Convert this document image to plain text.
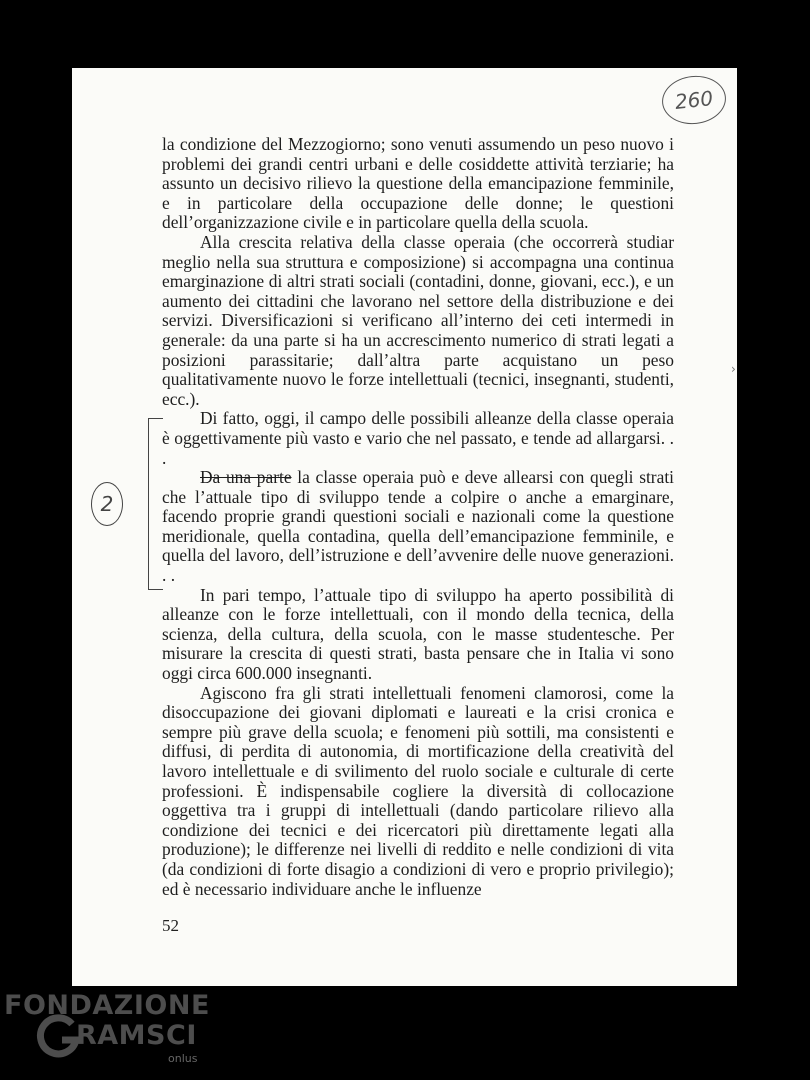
260
2
›

la condizione del Mezzogiorno; sono venuti assumendo un peso nuovo i problemi dei grandi centri urbani e delle cosiddette attività terziarie; ha assunto un decisivo rilievo la questione della emancipazione femminile, e in particolare della occupazione delle donne; le questioni dell’organizzazione civile e in particolare quella della scuola.

Alla crescita relativa della classe operaia (che occorrerà studiar meglio nella sua struttura e composizione) si accompagna una continua emarginazione di altri strati sociali (contadini, donne, giovani, ecc.), e un aumento dei cittadini che lavorano nel settore della distribuzione e dei servizi. Diversificazioni si verificano all’interno dei ceti intermedi in generale: da una parte si ha un accrescimento numerico di strati legati a posizioni parassitarie; dall’altra parte acquistano un peso qualitativamente nuovo le forze intellettuali (tecnici, insegnanti, studenti, ecc.).

Di fatto, oggi, il campo delle possibili alleanze della classe operaia è oggettivamente più vasto e vario che nel passato, e tende ad allargarsi. . .

Da una parte la classe operaia può e deve allearsi con quegli strati che l’attuale tipo di sviluppo tende a colpire o anche a emarginare, facendo proprie grandi questioni sociali e nazionali come la questione meridionale, quella contadina, quella dell’emancipazione femminile, e quella del lavoro, dell’istruzione e dell’avvenire delle nuove generazioni. . .

In pari tempo, l’attuale tipo di sviluppo ha aperto possibilità di alleanze con le forze intellettuali, con il mondo della tecnica, della scienza, della cultura, della scuola, con le masse studentesche. Per misurare la crescita di questi strati, basta pensare che in Italia vi sono oggi circa 600.000 insegnanti.

Agiscono fra gli strati intellettuali fenomeni clamorosi, come la disoccupazione dei giovani diplomati e laureati e la crisi cronica e sempre più grave della scuola; e fenomeni più sottili, ma consistenti e diffusi, di perdita di autonomia, di mortificazione della creatività del lavoro intellettuale e di svilimento del ruolo sociale e culturale di certe professioni. È indispensabile cogliere la diversità di collocazione oggettiva tra i gruppi di intellettuali (dando particolare rilievo alla condizione dei tecnici e dei ricercatori più direttamente legati alla produzione); le differenze nei livelli di reddito e nelle condizioni di vita (da condizioni di forte disagio a condizioni di vero e proprio privilegio); ed è necessario individuare anche le influenze

52
FONDAZIONE
RAMSCI
onlus
